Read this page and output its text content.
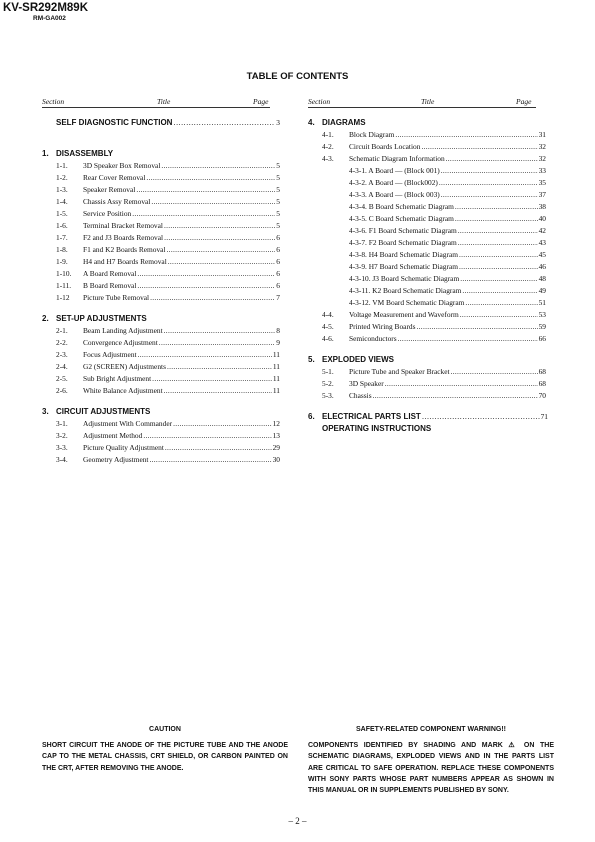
KV-SR292M89K
RM-GA002
TABLE OF CONTENTS
Section	Title	Page	Section	Title	Page
SELF DIAGNOSTIC FUNCTION .....	3
1. DISASSEMBLY
1-1. 3D Speaker Box Removal .....	5
1-2. Rear Cover Removal .....	5
1-3. Speaker Removal .....	5
1-4. Chassis Assy Removal .....	5
1-5. Service Position .....	5
1-6. Terminal Bracket Removal .....	5
1-7. F2 and J3 Boards Removal .....	6
1-8. F1 and K2 Boards Removal .....	6
1-9. H4 and H7 Boards Removal .....	6
1-10. A Board Removal .....	6
1-11. B Board Removal .....	6
1-12 Picture Tube Removal .....	7
2. SET-UP ADJUSTMENTS
2-1. Beam Landing Adjustment .....	8
2-2. Convergence Adjustment .....	9
2-3. Focus Adjustment .....	11
2-4. G2 (SCREEN) Adjustments .....	11
2-5. Sub Bright Adjustment .....	11
2-6. White Balance Adjustment .....	11
3. CIRCUIT ADJUSTMENTS
3-1. Adjustment With Commander .....	12
3-2. Adjustment Method .....	13
3-3. Picture Quality Adjustment .....	29
3-4. Geometry Adjustment .....	30
4. DIAGRAMS
4-1. Block Diagram .....	31
4-2. Circuit Boards Location .....	32
4-3. Schematic Diagram Information .....	32
4-3-1. A Board — (Block 001) .....	33
4-3-2. A Board — (Block002) .....	35
4-3-3. A Board — (Block 003) .....	37
4-3-4. B Board Schematic Diagram .....	38
4-3-5. C Board Schematic Diagram .....	40
4-3-6. F1 Board Schematic Diagram .....	42
4-3-7. F2 Board Schematic Diagram .....	43
4-3-8. H4 Board Schematic Diagram .....	45
4-3-9. H7 Board Schematic Diagram .....	46
4-3-10. J3 Board Schematic Diagram .....	48
4-3-11. K2 Board Schematic Diagram .....	49
4-3-12. VM Board Schematic Diagram .....	51
4-4. Voltage Measurement and Waveform .....	53
4-5. Printed Wiring Boards .....	59
4-6. Semiconductors .....	66
5. EXPLODED VIEWS
5-1. Picture Tube and Speaker Bracket .....	68
5-2. 3D Speaker .....	68
5-3. Chassis .....	70
6. ELECTRICAL PARTS LIST .....	71
OPERATING INSTRUCTIONS
CAUTION
SHORT CIRCUIT THE ANODE OF THE PICTURE TUBE AND THE ANODE CAP TO THE METAL CHASSIS, CRT SHIELD, OR CARBON PAINTED ON THE CRT, AFTER REMOVING THE ANODE.
SAFETY-RELATED COMPONENT WARNING!!
COMPONENTS IDENTIFIED BY SHADING AND MARK ⚠ ON THE SCHEMATIC DIAGRAMS, EXPLODED VIEWS AND IN THE PARTS LIST ARE CRITICAL TO SAFE OPERATION. REPLACE THESE COMPONENTS WITH SONY PARTS WHOSE PART NUMBERS APPEAR AS SHOWN IN THIS MANUAL OR IN SUPPLEMENTS PUBLISHED BY SONY.
– 2 –
